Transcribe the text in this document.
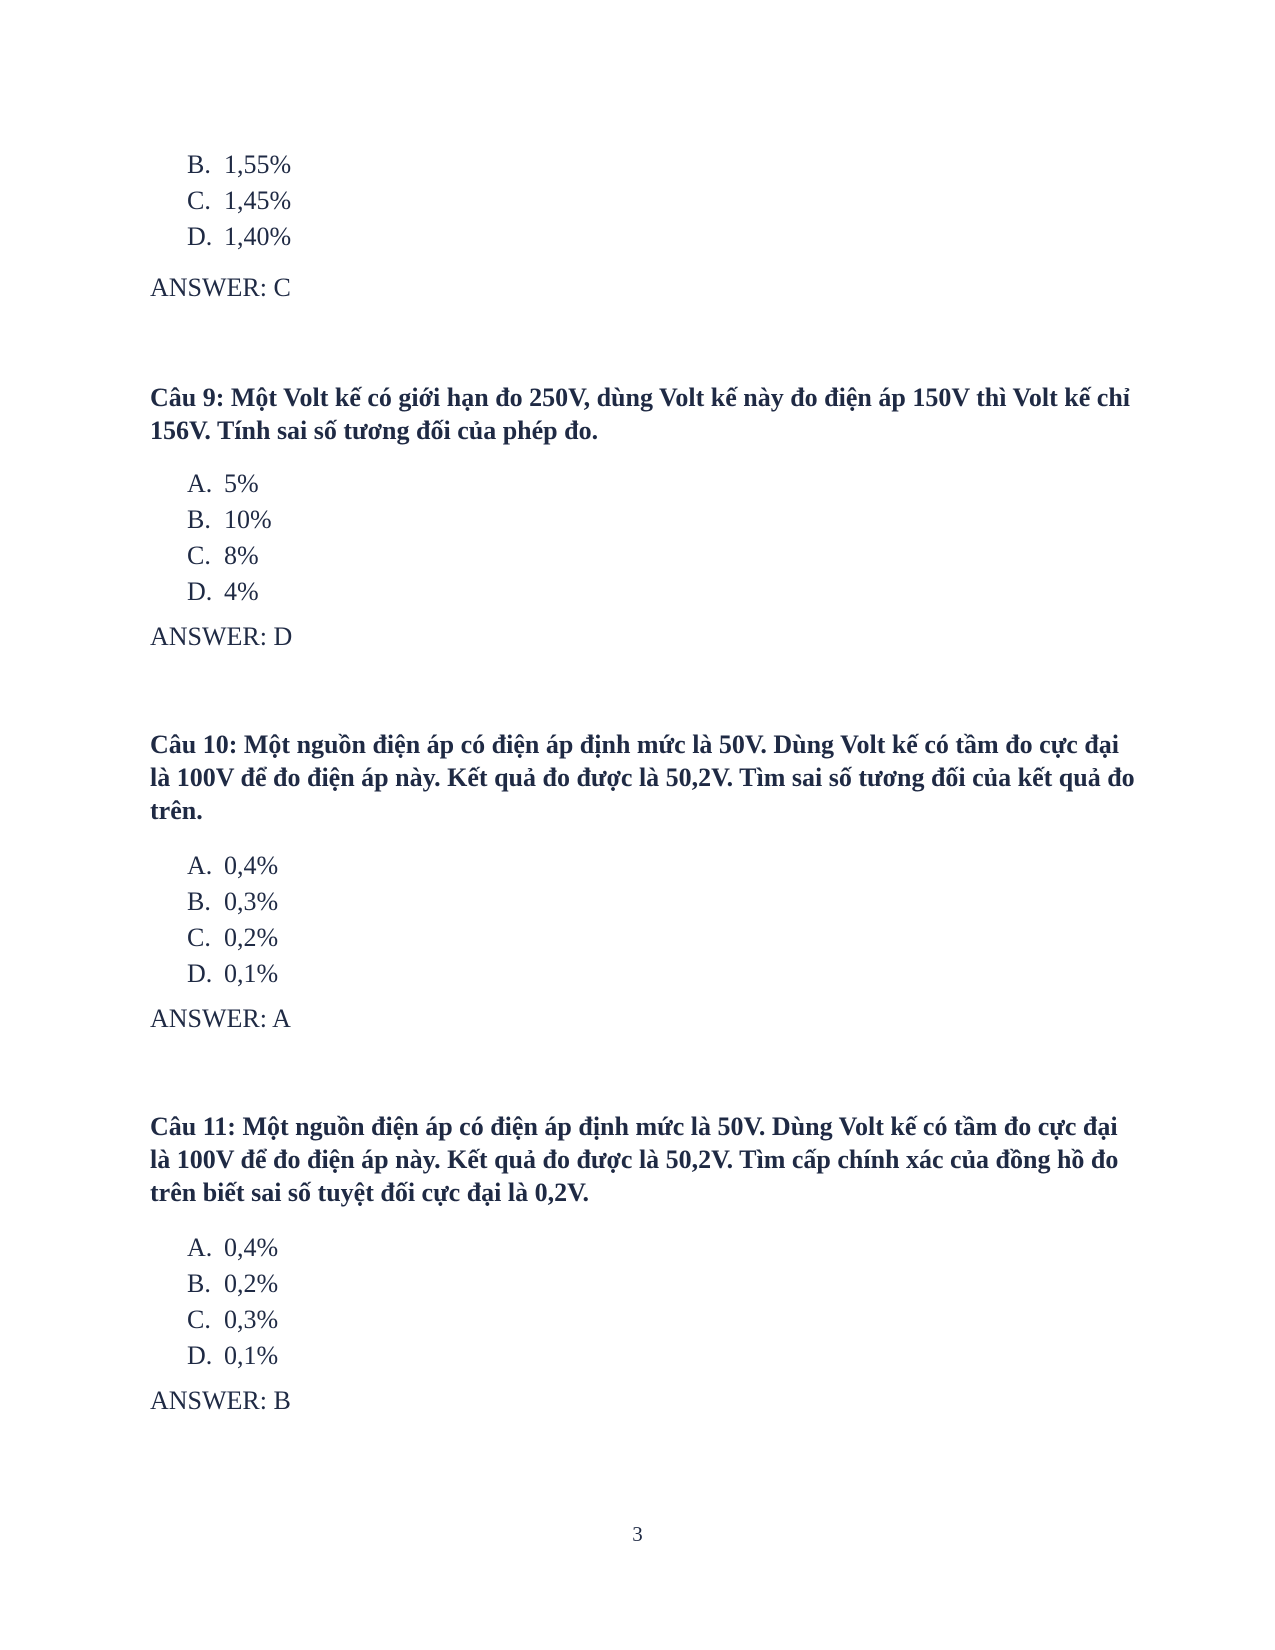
B. 1,55%
C. 1,45%
D. 1,40%
ANSWER: C
Câu 9: Một Volt kế có giới hạn đo 250V, dùng Volt kế này đo điện áp 150V thì Volt kế chỉ 156V. Tính sai số tương đối của phép đo.
A. 5%
B. 10%
C. 8%
D. 4%
ANSWER: D
Câu 10: Một nguồn điện áp có điện áp định mức là 50V. Dùng Volt kế có tầm đo cực đại là 100V để đo điện áp này. Kết quả đo được là 50,2V. Tìm sai số tương đối của kết quả đo trên.
A. 0,4%
B. 0,3%
C. 0,2%
D. 0,1%
ANSWER: A
Câu 11: Một nguồn điện áp có điện áp định mức là 50V. Dùng Volt kế có tầm đo cực đại là 100V để đo điện áp này. Kết quả đo được là 50,2V. Tìm cấp chính xác của đồng hồ đo trên biết sai số tuyệt đối cực đại là 0,2V.
A. 0,4%
B. 0,2%
C. 0,3%
D. 0,1%
ANSWER: B
3
